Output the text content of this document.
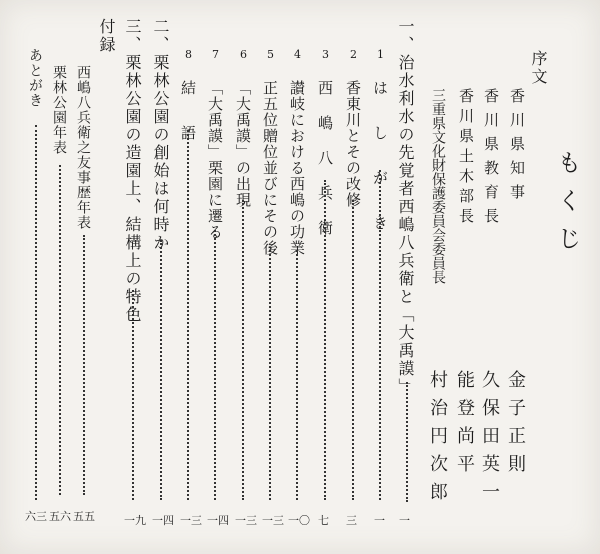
もくじ
序文
香川県知事
金子正則
香川県教育長
久保田英一
香川県土木部長
能登尚平
三重県文化財保護委員会委員長
村治円次郎
一、治水利水の先覚者西嶋八兵衛と「大禹謨」
一
1 は し が き
一
2 香東川とその改修
三
3 西 嶋 八 兵 衛
七
4 讃岐における西嶋の功業
一〇
5 正五位贈位並びにその後
一三
6 「大禹謨」の出現
一三
7 「大禹謨」栗園に遷る
一四
8 結 語
一三
二、栗林公園の創始は何時か
一四
三、栗林公園の造園上、結構上の特色
一九
付録
西嶋八兵衛之友事歴年表
五五
栗林公園年表
五六
あとがき
六三
